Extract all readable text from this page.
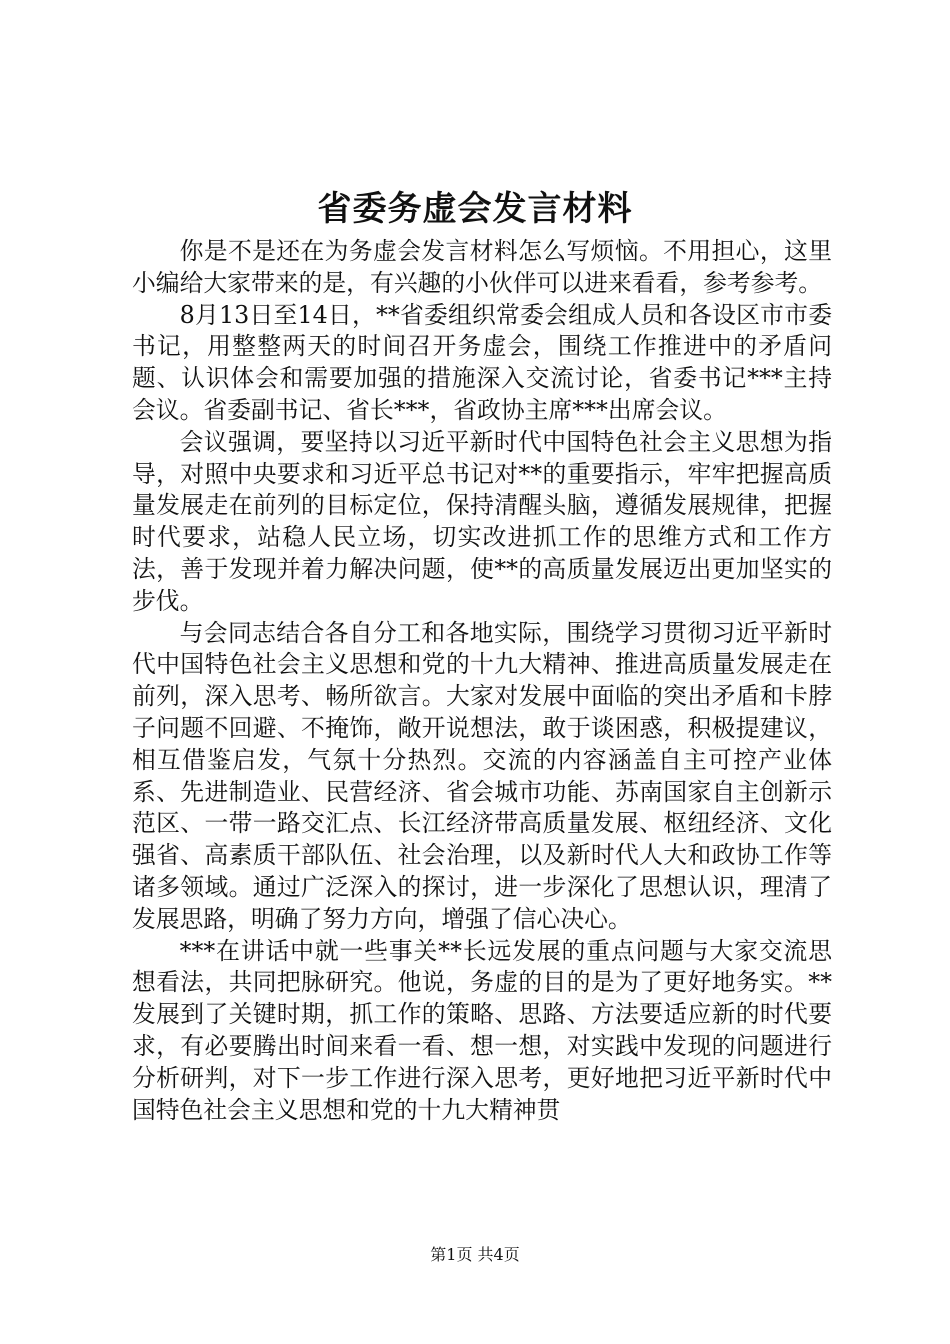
省委务虚会发言材料

你是不是还在为务虚会发言材料怎么写烦恼。不用担心，这里小编给大家带来的是，有兴趣的小伙伴可以进来看看，参考参考。

8月13日至14日，**省委组织常委会组成人员和各设区市市委书记，用整整两天的时间召开务虚会，围绕工作推进中的矛盾问题、认识体会和需要加强的措施深入交流讨论，省委书记***主持会议。省委副书记、省长***，省政协主席***出席会议。

会议强调，要坚持以习近平新时代中国特色社会主义思想为指导，对照中央要求和习近平总书记对**的重要指示，牢牢把握高质量发展走在前列的目标定位，保持清醒头脑，遵循发展规律，把握时代要求，站稳人民立场，切实改进抓工作的思维方式和工作方法，善于发现并着力解决问题，使**的高质量发展迈出更加坚实的步伐。

与会同志结合各自分工和各地实际，围绕学习贯彻习近平新时代中国特色社会主义思想和党的十九大精神、推进高质量发展走在前列，深入思考、畅所欲言。大家对发展中面临的突出矛盾和卡脖子问题不回避、不掩饰，敞开说想法，敢于谈困惑，积极提建议，相互借鉴启发，气氛十分热烈。交流的内容涵盖自主可控产业体系、先进制造业、民营经济、省会城市功能、苏南国家自主创新示范区、一带一路交汇点、长江经济带高质量发展、枢纽经济、文化强省、高素质干部队伍、社会治理，以及新时代人大和政协工作等诸多领域。通过广泛深入的探讨，进一步深化了思想认识，理清了发展思路，明确了努力方向，增强了信心决心。

***在讲话中就一些事关**长远发展的重点问题与大家交流思想看法，共同把脉研究。他说，务虚的目的是为了更好地务实。**发展到了关键时期，抓工作的策略、思路、方法要适应新的时代要求，有必要腾出时间来看一看、想一想，对实践中发现的问题进行分析研判，对下一步工作进行深入思考，更好地把习近平新时代中国特色社会主义思想和党的十九大精神贯

第1页 共4页
